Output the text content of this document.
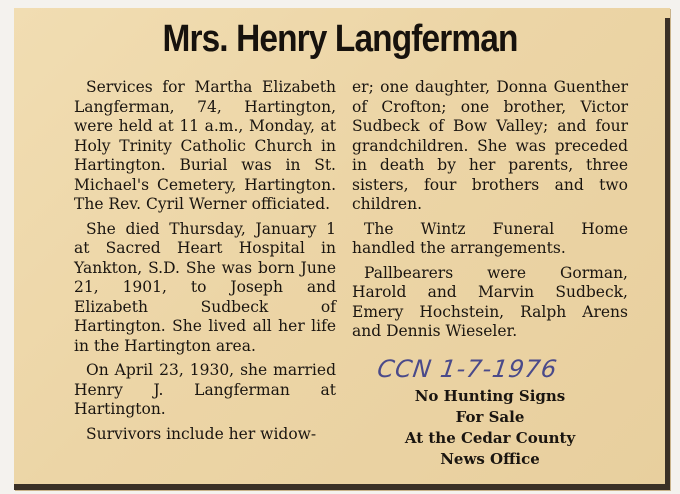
Mrs. Henry Langferman

Services for Martha Elizabeth Langferman, 74, Hartington, were held at 11 a.m., Monday, at Holy Trinity Catholic Church in Hartington. Burial was in St. Michael's Cemetery, Hartington. The Rev. Cyril Werner officiated.

She died Thursday, January 1 at Sacred Heart Hospital in Yankton, S.D. She was born June 21, 1901, to Joseph and Elizabeth Sudbeck of Hartington. She lived all her life in the Hartington area.

On April 23, 1930, she married Henry J. Langferman at Hartington.

Survivors include her widow-

er; one daughter, Donna Guenther of Crofton; one brother, Victor Sudbeck of Bow Valley; and four grandchildren. She was preceded in death by her parents, three sisters, four brothers and two children.

The Wintz Funeral Home handled the arrangements.

Pallbearers were Gorman, Harold and Marvin Sudbeck, Emery Hochstein, Ralph Arens and Dennis Wieseler.

CCN 1-7-1976
No Hunting Signs
For Sale
At the Cedar County
News Office
